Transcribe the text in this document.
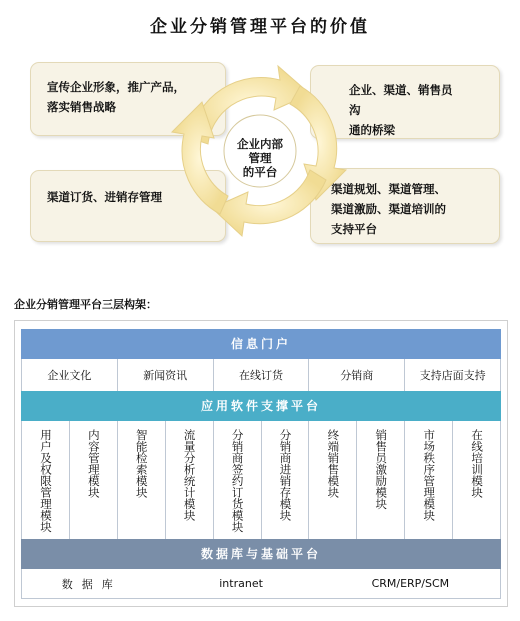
企业分销管理平台的价值
宣传企业形象，推广产品，
落实销售战略
企业、渠道、销售员沟
通的桥梁
渠道订货、进销存管理
渠道规划、渠道管理、
渠道激励、渠道培训的
支持平台
企业内部
管理
的平台
企业分销管理平台三层构架：
信息门户
企业文化	新闻资讯	在线订货	分销商	支持店面支持
应用软件支撑平台
用户及权限管理模块	内容管理模块	智能检索模块	流量分析统计模块	分销商签约订货模块	分销商进销存模块	终端销售模块	销售员激励模块	市场秩序管理模块	在线培训模块
数据库与基础平台
数据库	intranet	CRM/ERP/SCM
